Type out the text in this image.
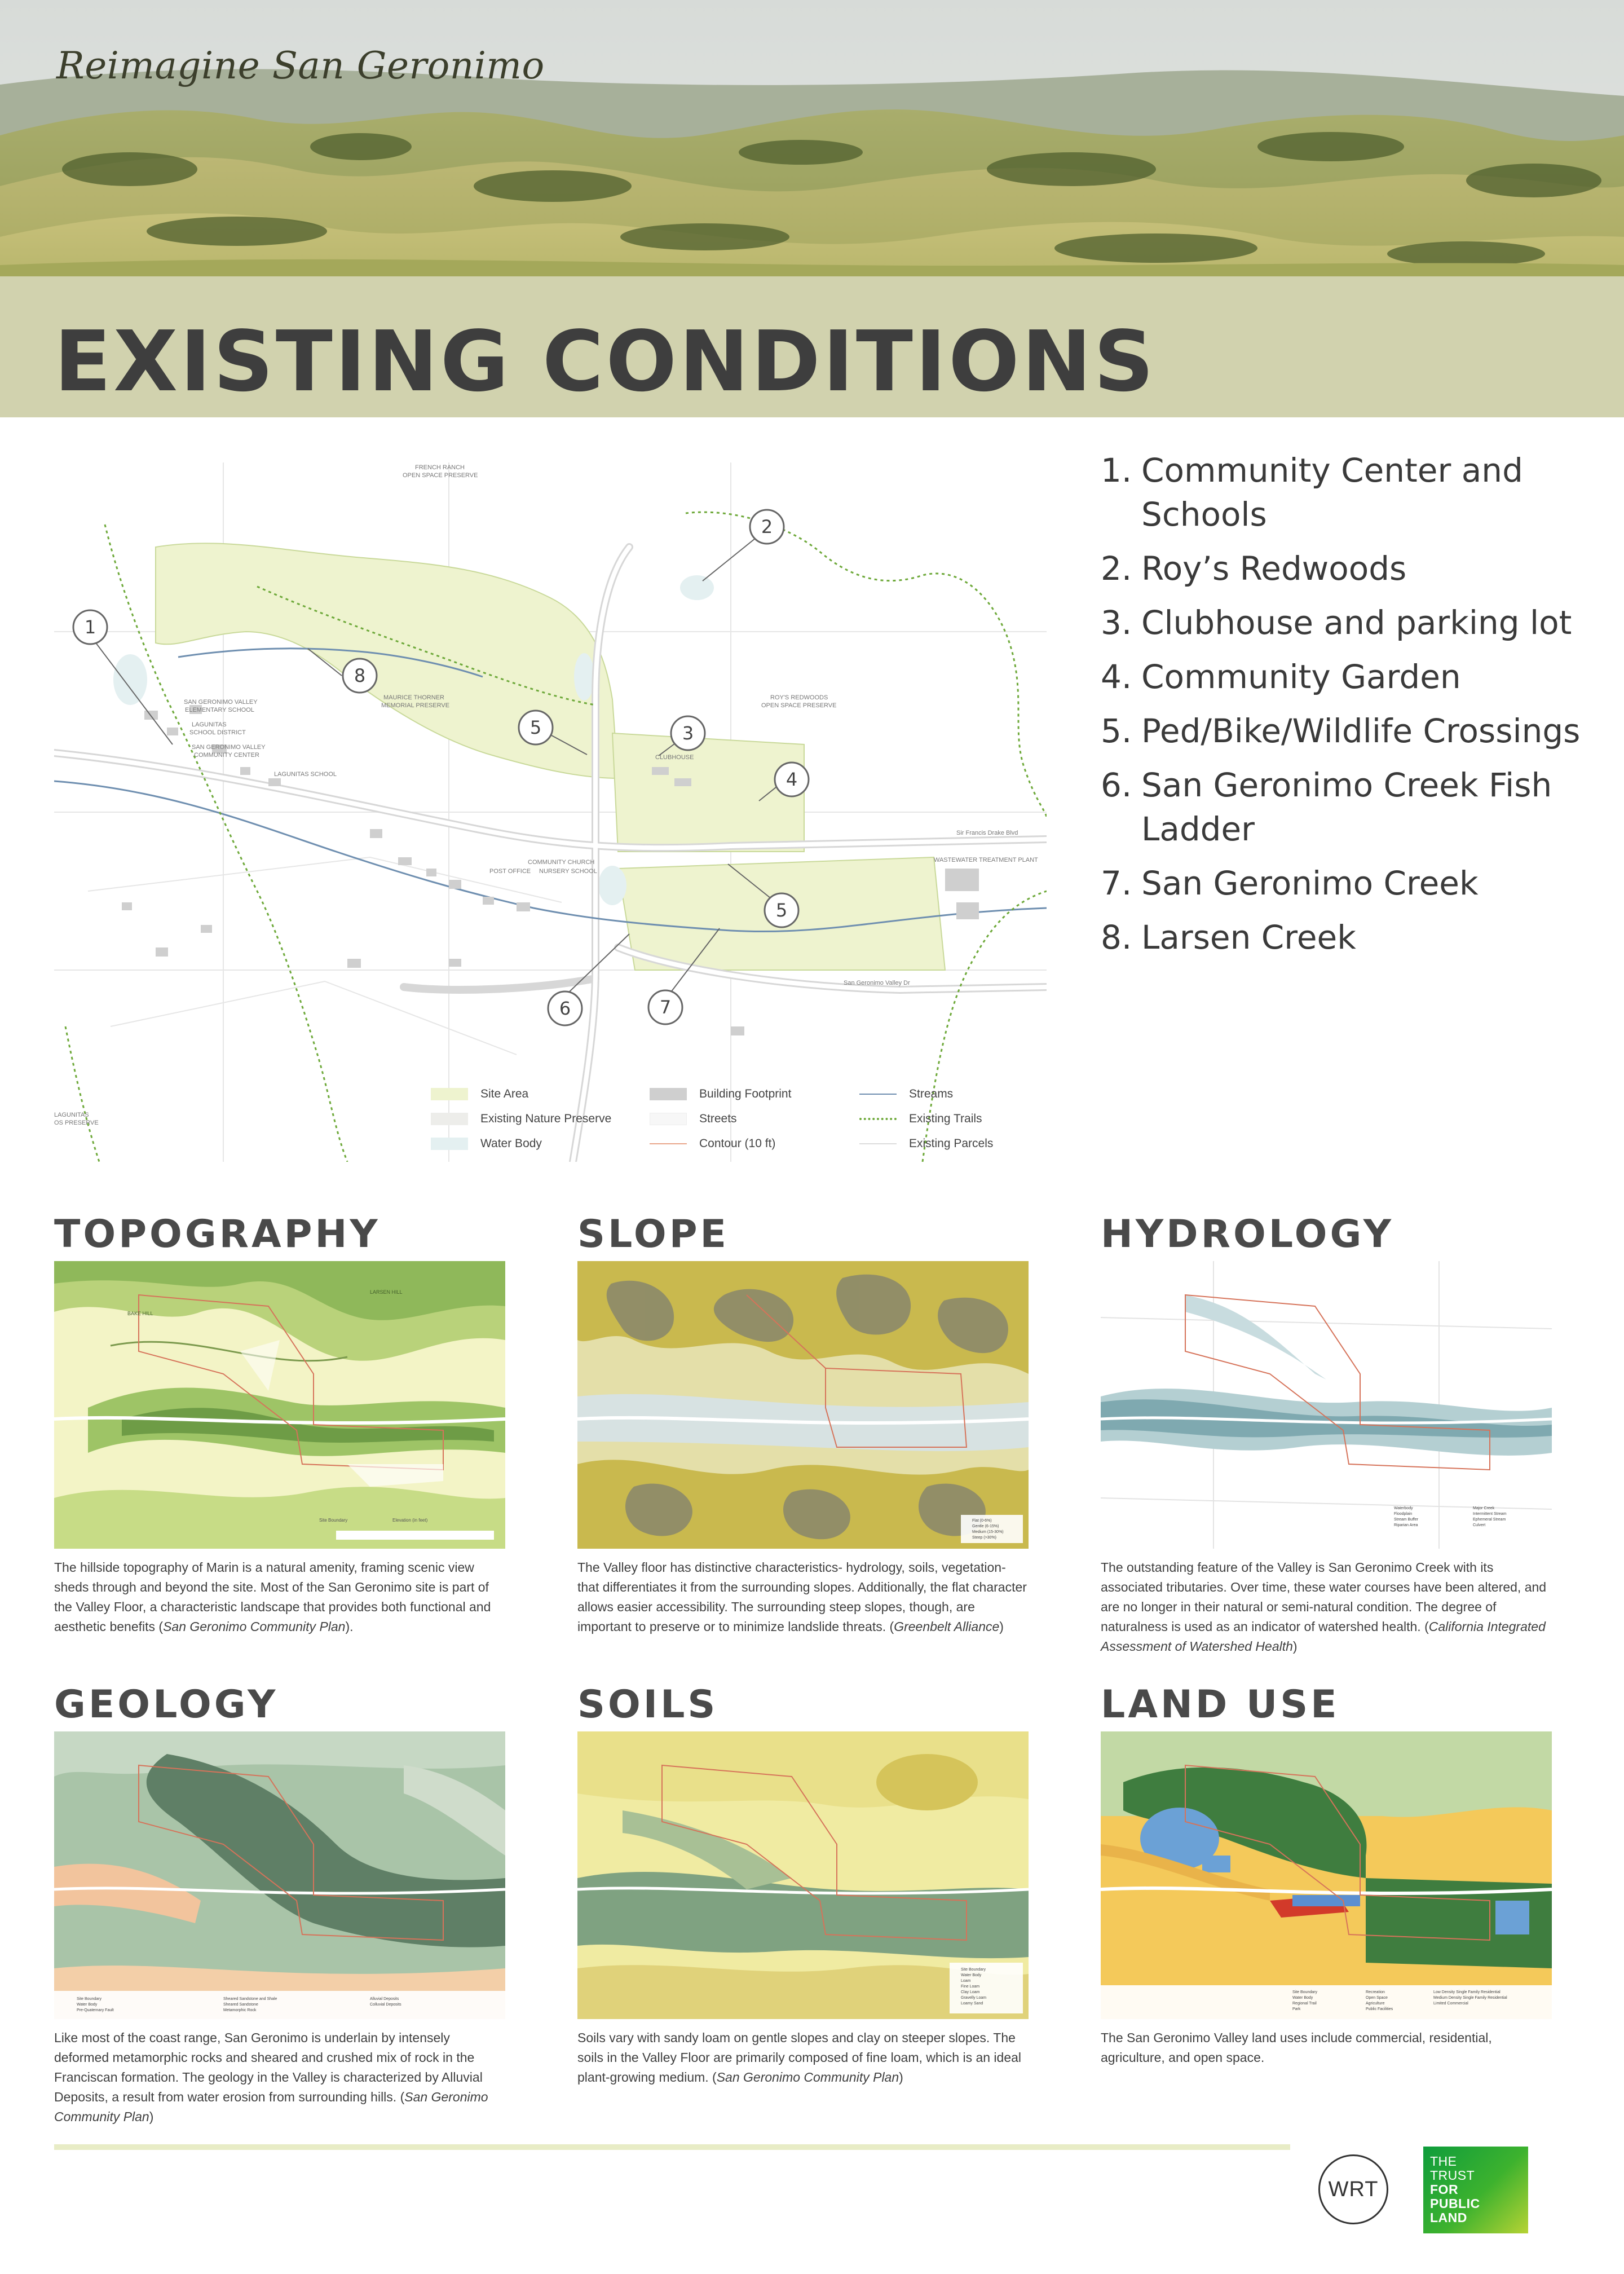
Reimagine San Geronimo
EXISTING CONDITIONS
FRENCH RANCH
OPEN SPACE PRESERVE
MAURICE THORNER
MEMORIAL PRESERVE
ROY'S REDWOODS
OPEN SPACE PRESERVE
SAN GERONIMO VALLEY
ELEMENTARY SCHOOL
LAGUNITAS
SCHOOL DISTRICT
SAN GERONIMO VALLEY
COMMUNITY CENTER
LAGUNITAS SCHOOL
POST OFFICE NURSERY SCHOOL
COMMUNITY CHURCH
CLUBHOUSE
WASTEWATER TREATMENT PLANT
Sir Francis Drake Blvd
San Geronimo Valley Dr
LAGUNITAS
OS PRESERVE
1
2
3
4
5
5
6	7
8
Site Area
Existing Nature Preserve
Water Body
Building Footprint
Streets
Contour (10 ft)
Streams
Existing Trails
Existing Parcels
1. Community Center and Schools
2. Roy’s Redwoods
3. Clubhouse and parking lot
4. Community Garden
5. Ped/Bike/Wildlife Crossings
6. San Geronimo Creek Fish Ladder
7. San Geronimo Creek
8. Larsen Creek
TOPOGRAPHY
Site Boundary	Elevation (in feet)
BAKE HILL
LARSEN HILL
The hillside topography of Marin is a natural amenity, framing scenic view sheds through and beyond the site. Most of the San Geronimo site is part of the Valley Floor, a characteristic landscape that provides both functional and aesthetic benefits (San Geronimo Community Plan).
SLOPE
Flat (0-6%)
Gentle (6-15%)
Medium (15-30%)
Steep (>30%)
The Valley floor has distinctive characteristics- hydrology, soils, vegetation- that differentiates it from the surrounding slopes. Additionally, the flat character allows easier accessibility. The surrounding steep slopes, though, are important to preserve or to minimize landslide threats. (Greenbelt Alliance)
HYDROLOGY
Waterbody
Floodplain
Stream Buffer
Riparian Area
Major Creek
Intermittent Stream
Ephemeral Stream
Culvert
The outstanding feature of the Valley is San Geronimo Creek with its associated tributaries. Over time, these water courses have been altered, and are no longer in their natural or semi-natural condition. The degree of naturalness is used as an indicator of watershed health. (California Integrated Assessment of Watershed Health)
GEOLOGY
Site Boundary
Water Body
Pre-Quaternary Fault
Sheared Sandstone and Shale
Sheared Sandstone
Metamorphic Rock
Alluvial Deposits
Colluvial Deposits
Like most of the coast range, San Geronimo is underlain by intensely deformed metamorphic rocks and sheared and crushed mix of rock in the Franciscan formation. The geology in the Valley is characterized by Alluvial Deposits, a result from water erosion from surrounding hills. (San Geronimo Community Plan)
SOILS
Site Boundary
Water Body
Loam
Fine Loam
Clay Loam
Gravelly Loam
Loamy Sand
Soils vary with sandy loam on gentle slopes and clay on steeper slopes. The soils in the Valley Floor are primarily composed of fine loam, which is an ideal plant-growing medium. (San Geronimo Community Plan)
LAND USE
Site Boundary
Water Body
Regional Trail
Park
Recreation
Open Space
Agriculture
Public Facilities
Low Density Single Family Residential
Medium Density Single Family Residential
Limited Commercial
The San Geronimo Valley land uses include commercial, residential, agriculture, and open space.
WRT
THE
TRUST
FOR
PUBLIC
LAND
